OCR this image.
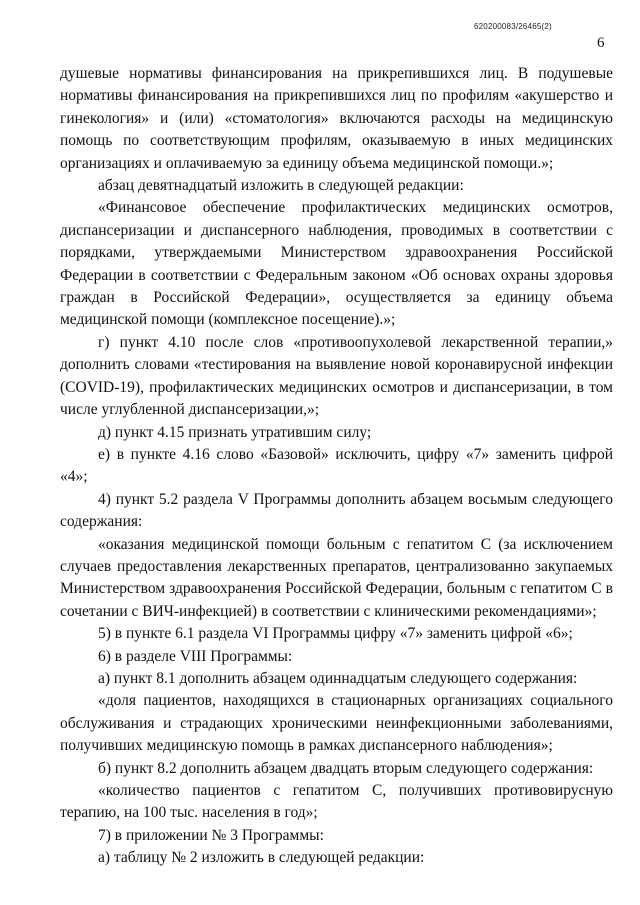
620200083/26465(2)
6

душевые нормативы финансирования на прикрепившихся лиц. В подушевые нормативы финансирования на прикрепившихся лиц по профилям «акушерство и гинекология» и (или) «стоматология» включаются расходы на медицинскую помощь по соответствующим профилям, оказываемую в иных медицинских организациях и оплачиваемую за единицу объема медицинской помощи.»;

абзац девятнадцатый изложить в следующей редакции:

«Финансовое обеспечение профилактических медицинских осмотров, диспансеризации и диспансерного наблюдения, проводимых в соответствии с порядками, утверждаемыми Министерством здравоохранения Российской Федерации в соответствии с Федеральным законом «Об основах охраны здоровья граждан в Российской Федерации», осуществляется за единицу объема медицинской помощи (комплексное посещение).»;

г) пункт 4.10 после слов «противоопухолевой лекарственной терапии,» дополнить словами «тестирования на выявление новой коронавирусной инфекции (COVID-19), профилактических медицинских осмотров и диспансеризации, в том числе углубленной диспансеризации,»;

д) пункт 4.15 признать утратившим силу;

е) в пункте 4.16 слово «Базовой» исключить, цифру «7» заменить цифрой «4»;

4) пункт 5.2 раздела V Программы дополнить абзацем восьмым следующего содержания:

«оказания медицинской помощи больным с гепатитом С (за исключением случаев предоставления лекарственных препаратов, централизованно закупаемых Министерством здравоохранения Российской Федерации, больным с гепатитом С в сочетании с ВИЧ-инфекцией) в соответствии с клиническими рекомендациями»;

5) в пункте 6.1 раздела VI Программы цифру «7» заменить цифрой «6»;

6) в разделе VIII Программы:

а) пункт 8.1 дополнить абзацем одиннадцатым следующего содержания:

«доля пациентов, находящихся в стационарных организациях социального обслуживания и страдающих хроническими неинфекционными заболеваниями, получивших медицинскую помощь в рамках диспансерного наблюдения»;

б) пункт 8.2 дополнить абзацем двадцать вторым следующего содержания:

«количество пациентов с гепатитом С, получивших противовирусную терапию, на 100 тыс. населения в год»;

7) в приложении № 3 Программы:

а) таблицу № 2 изложить в следующей редакции:
